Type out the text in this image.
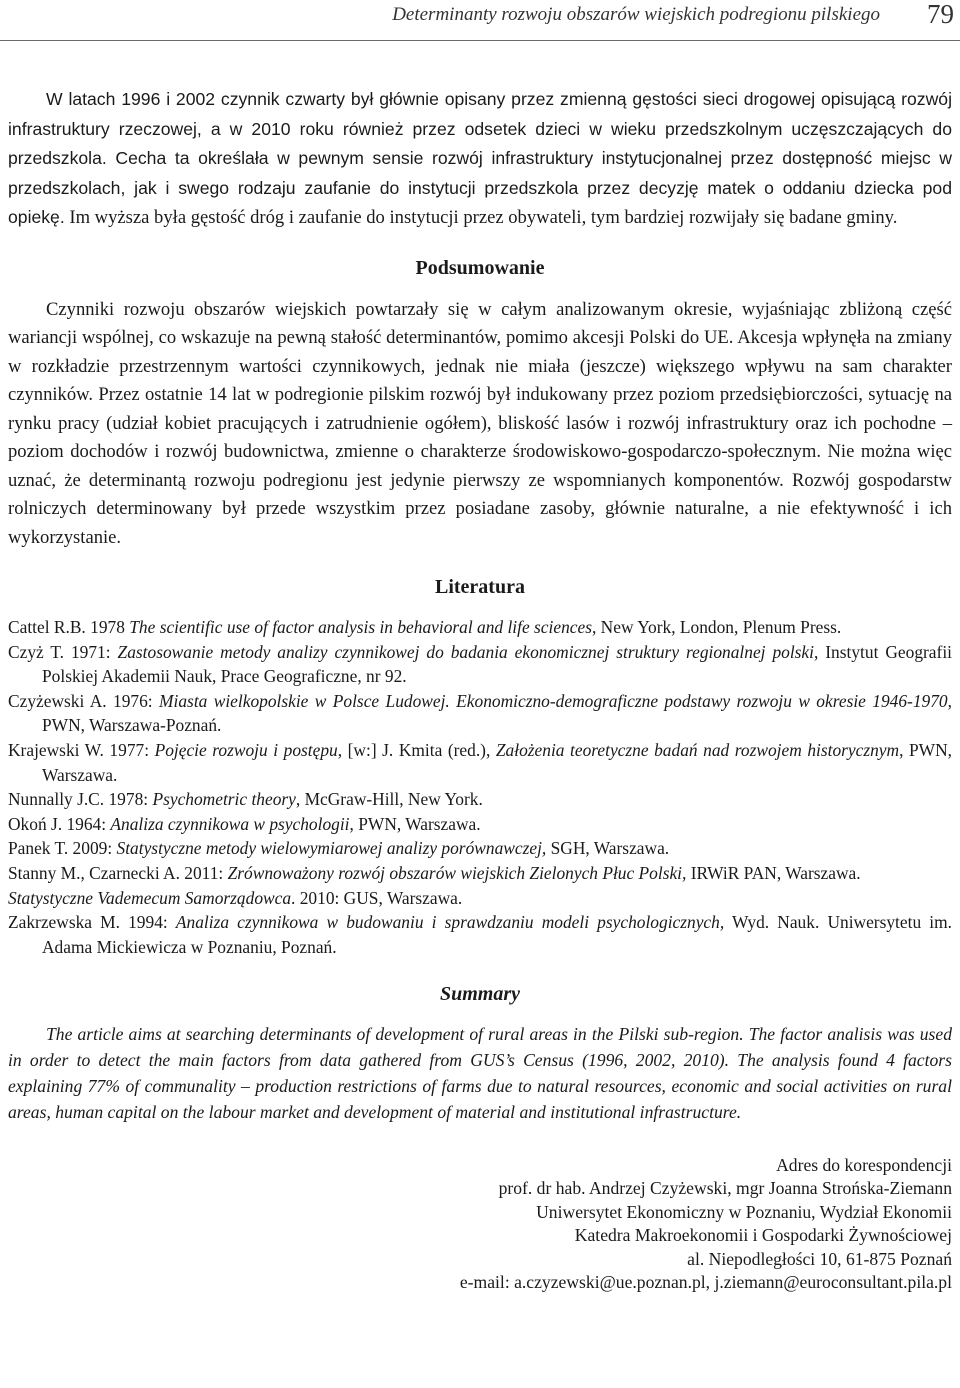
Determinanty rozwoju obszarów wiejskich podregionu pilskiego 79

W latach 1996 i 2002 czynnik czwarty był głównie opisany przez zmienną gęstości sieci drogowej opisującą rozwój infrastruktury rzeczowej, a w 2010 roku również przez odsetek dzieci w wieku przedszkolnym uczęszczających do przedszkola. Cecha ta określała w pewnym sensie rozwój infrastruktury instytucjonalnej przez dostępność miejsc w przedszkolach, jak i swego rodzaju zaufanie do instytucji przedszkola przez decyzję matek o oddaniu dziecka pod opiekę. Im wyższa była gęstość dróg i zaufanie do instytucji przez obywateli, tym bardziej rozwijały się badane gminy.

Podsumowanie

Czynniki rozwoju obszarów wiejskich powtarzały się w całym analizowanym okresie, wyjaśniając zbliżoną część wariancji wspólnej, co wskazuje na pewną stałość determinantów, pomimo akcesji Polski do UE. Akcesja wpłynęła na zmiany w rozkładzie przestrzennym wartości czynnikowych, jednak nie miała (jeszcze) większego wpływu na sam charakter czynników. Przez ostatnie 14 lat w podregionie pilskim rozwój był indukowany przez poziom przedsiębiorczości, sytuację na rynku pracy (udział kobiet pracujących i zatrudnienie ogółem), bliskość lasów i rozwój infrastruktury oraz ich pochodne – poziom dochodów i rozwój budownictwa, zmienne o charakterze środowiskowo-gospodarczo-społecznym. Nie można więc uznać, że determinantą rozwoju podregionu jest jedynie pierwszy ze wspomnianych komponentów. Rozwój gospodarstw rolniczych determinowany był przede wszystkim przez posiadane zasoby, głównie naturalne, a nie efektywność i ich wykorzystanie.

Literatura

Cattel R.B. 1978 The scientific use of factor analysis in behavioral and life sciences, New York, London, Plenum Press.

Czyż T. 1971: Zastosowanie metody analizy czynnikowej do badania ekonomicznej struktury regionalnej polski, Instytut Geografii Polskiej Akademii Nauk, Prace Geograficzne, nr 92.

Czyżewski A. 1976: Miasta wielkopolskie w Polsce Ludowej. Ekonomiczno-demograficzne podstawy rozwoju w okresie 1946-1970, PWN, Warszawa-Poznań.

Krajewski W. 1977: Pojęcie rozwoju i postępu, [w:] J. Kmita (red.), Założenia teoretyczne badań nad rozwojem historycznym, PWN, Warszawa.

Nunnally J.C. 1978: Psychometric theory, McGraw-Hill, New York.

Okoń J. 1964: Analiza czynnikowa w psychologii, PWN, Warszawa.

Panek T. 2009: Statystyczne metody wielowymiarowej analizy porównawczej, SGH, Warszawa.

Stanny M., Czarnecki A. 2011: Zrównoważony rozwój obszarów wiejskich Zielonych Płuc Polski, IRWiR PAN, Warszawa.

Statystyczne Vademecum Samorządowca. 2010: GUS, Warszawa.

Zakrzewska M. 1994: Analiza czynnikowa w budowaniu i sprawdzaniu modeli psychologicznych, Wyd. Nauk. Uniwersytetu im. Adama Mickiewicza w Poznaniu, Poznań.

Summary

The article aims at searching determinants of development of rural areas in the Pilski sub-region. The factor analisis was used in order to detect the main factors from data gathered from GUS’s Census (1996, 2002, 2010). The analysis found 4 factors explaining 77% of communality – production restrictions of farms due to natural resources, economic and social activities on rural areas, human capital on the labour market and development of material and institutional infrastructure.

Adres do korespondencji
prof. dr hab. Andrzej Czyżewski, mgr Joanna Strońska-Ziemann
Uniwersytet Ekonomiczny w Poznaniu, Wydział Ekonomii
Katedra Makroekonomii i Gospodarki Żywnościowej
al. Niepodległości 10, 61-875 Poznań
e-mail: a.czyzewski@ue.poznan.pl, j.ziemann@euroconsultant.pila.pl
